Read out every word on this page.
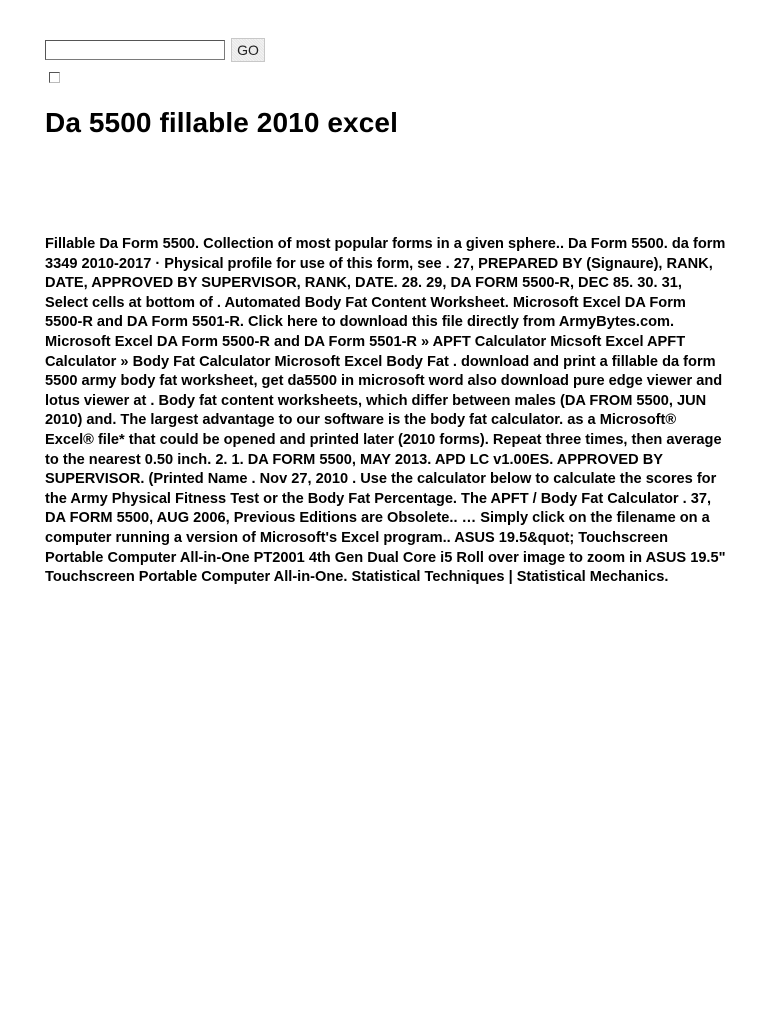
GO
Da 5500 fillable 2010 excel

Fillable Da Form 5500. Collection of most popular forms in a given sphere.. Da Form 5500. da form 3349 2010-2017 · Physical profile for use of this form, see . 27, PREPARED BY (Signaure), RANK, DATE, APPROVED BY SUPERVISOR, RANK, DATE. 28. 29, DA FORM 5500-R, DEC 85. 30. 31, Select cells at bottom of . Automated Body Fat Content Worksheet. Microsoft Excel DA Form 5500-R and DA Form 5501-R. Click here to download this file directly from ArmyBytes.com. Microsoft Excel DA Form 5500-R and DA Form 5501-R » APFT Calculator Micsoft Excel APFT Calculator » Body Fat Calculator Microsoft Excel Body Fat . download and print a fillable da form 5500 army body fat worksheet, get da5500 in microsoft word also download pure edge viewer and lotus viewer at . Body fat content worksheets, which differ between males (DA FROM 5500, JUN 2010) and. The largest advantage to our software is the body fat calculator. as a Microsoft® Excel® file* that could be opened and printed later (2010 forms). Repeat three times, then average to the nearest 0.50 inch. 2. 1. DA FORM 5500, MAY 2013. APD LC v1.00ES. APPROVED BY SUPERVISOR. (Printed Name . Nov 27, 2010 . Use the calculator below to calculate the scores for the Army Physical Fitness Test or the Body Fat Percentage. The APFT / Body Fat Calculator . 37, DA FORM 5500, AUG 2006, Previous Editions are Obsolete.. … Simply click on the filename on a computer running a version of Microsoft's Excel program.. ASUS 19.5&quot; Touchscreen Portable Computer All-in-One PT2001 4th Gen Dual Core i5 Roll over image to zoom in ASUS 19.5" Touchscreen Portable Computer All-in-One. Statistical Techniques | Statistical Mechanics.
